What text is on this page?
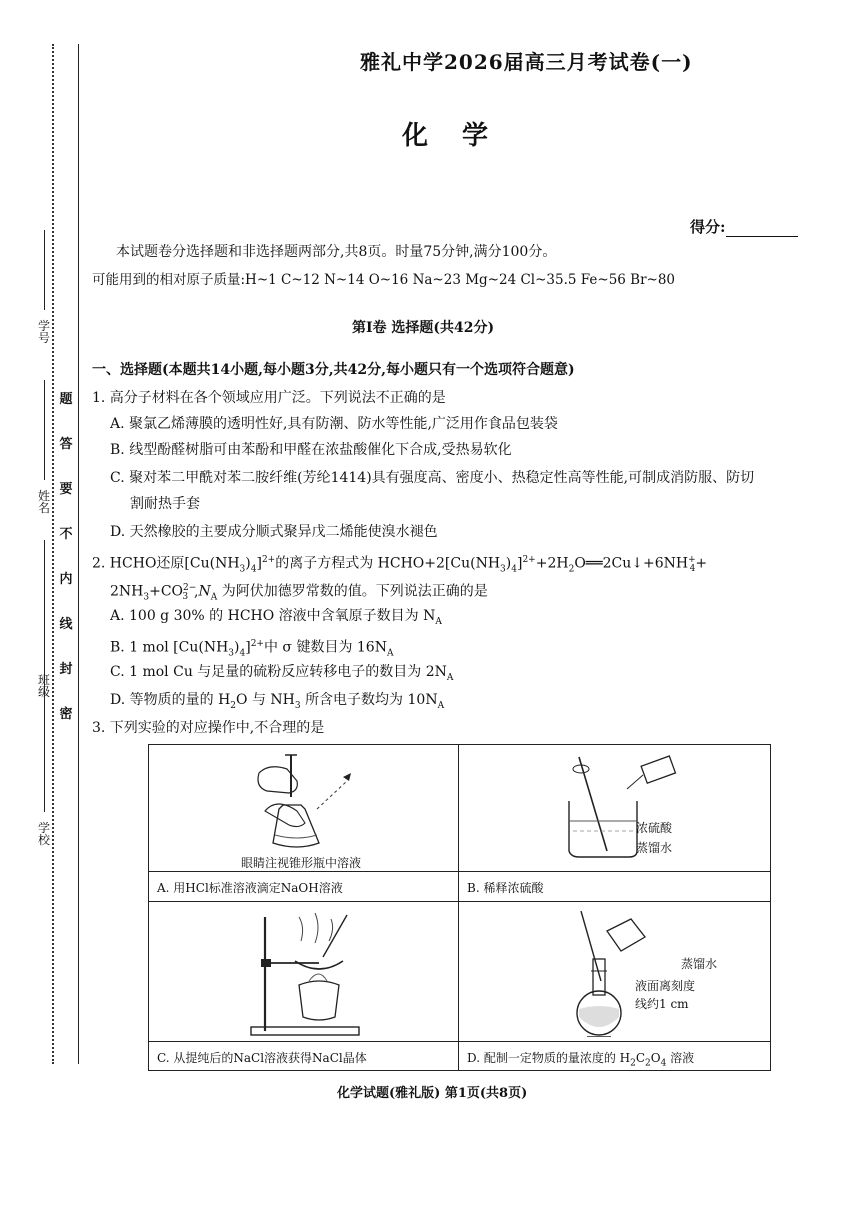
学 校
班 级
姓 名
学 号
题
答
要
不
内
线
封
密
雅礼中学2026届高三月考试卷(一)
化学
得分:
本试题卷分选择题和非选择题两部分,共8页。时量75分钟,满分100分。
可能用到的相对原子质量:H~1 C~12 N~14 O~16 Na~23 Mg~24 Cl~35.5 Fe~56 Br~80
第Ⅰ卷 选择题(共42分)
一、选择题(本题共14小题,每小题3分,共42分,每小题只有一个选项符合题意)
1. 高分子材料在各个领域应用广泛。下列说法不正确的是
A. 聚氯乙烯薄膜的透明性好,具有防潮、防水等性能,广泛用作食品包装袋
B. 线型酚醛树脂可由苯酚和甲醛在浓盐酸催化下合成,受热易软化
C. 聚对苯二甲酰对苯二胺纤维(芳纶1414)具有强度高、密度小、热稳定性高等性能,可制成消防服、防切
割耐热手套
D. 天然橡胶的主要成分顺式聚异戊二烯能使溴水褪色
2. HCHO还原$[Cu(NH_3)_4]^{2+}$的离子方程式为 $HCHO+2[Cu(NH_3)_4]^{2+}+2H_2O══2Cu↓+6NH^+_4+$
$2NH_3+CO^{2-}_3$ $,N_A$ 为阿伏加德罗常数的值。下列说法正确的是
A. 100 g 30% 的 HCHO 溶液中含氧原子数目为 $N_A$
B. 1 mol $[Cu(NH_3)_4]^{2+}$中 σ 键数目为 $16N_A$
C. 1 mol Cu 与足量的硫粉反应转移电子的数目为 $2N_A$
D. 等物质的量的 $H_2O$ 与 $NH_3$ 所含电子数均为 $10N_A$
3. 下列实验的对应操作中,不合理的是
眼睛注视锥形瓶中溶液
A. 用HCl标准溶液滴定NaOH溶液
浓硫酸
蒸馏水
B. 稀释浓硫酸
C. 从提纯后的NaCl溶液获得NaCl晶体
蒸馏水
液面离刻度
线约1 cm
D. 配制一定物质的量浓度的 $H_2C_2O_4$ 溶液
化学试题(雅礼版) 第1页(共8页)
